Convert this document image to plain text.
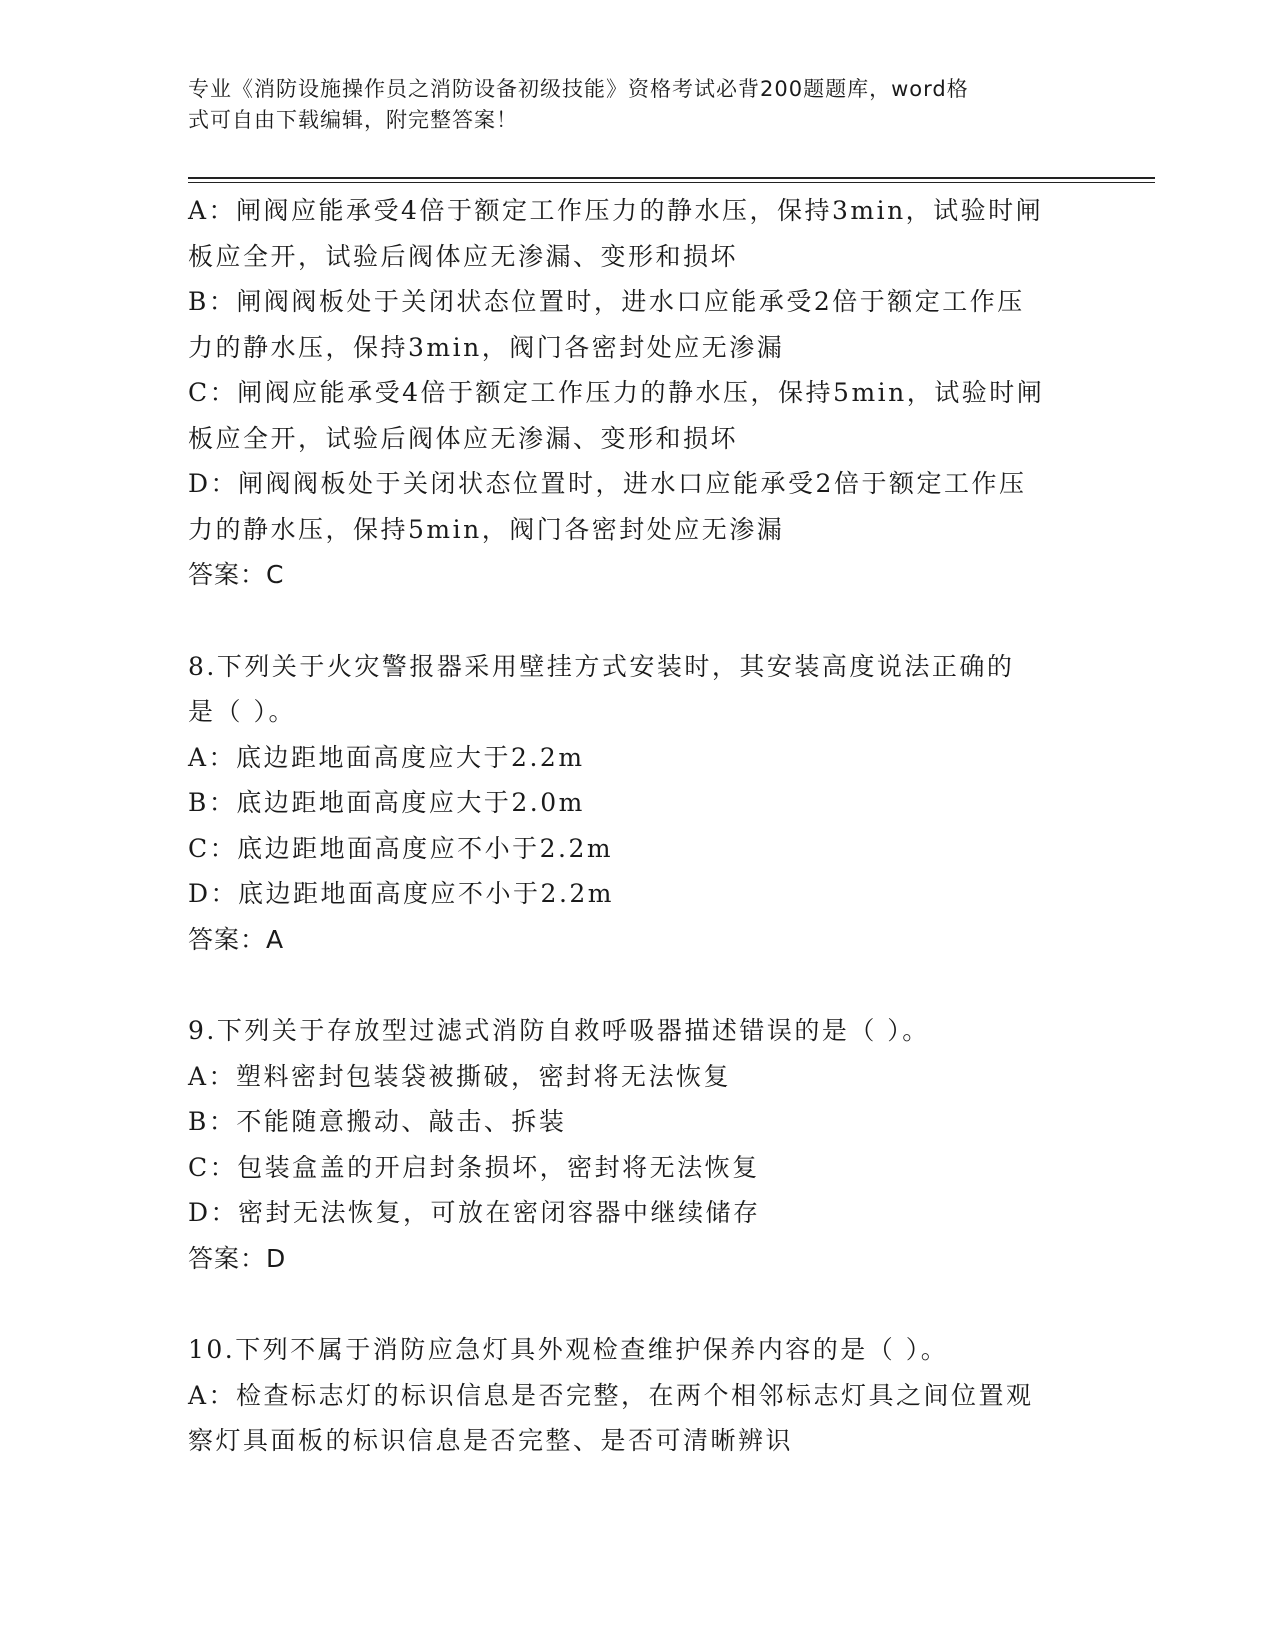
专业《消防设施操作员之消防设备初级技能》资格考试必背200题题库，word格
式可自由下载编辑，附完整答案！
A：闸阀应能承受4倍于额定工作压力的静水压，保持3min，试验时闸
板应全开，试验后阀体应无渗漏、变形和损坏
B：闸阀阀板处于关闭状态位置时，进水口应能承受2倍于额定工作压
力的静水压，保持3min，阀门各密封处应无渗漏
C：闸阀应能承受4倍于额定工作压力的静水压，保持5min，试验时闸
板应全开，试验后阀体应无渗漏、变形和损坏
D：闸阀阀板处于关闭状态位置时，进水口应能承受2倍于额定工作压
力的静水压，保持5min，阀门各密封处应无渗漏
答案：C
8.下列关于火灾警报器采用壁挂方式安装时，其安装高度说法正确的
是（ ）。
A：底边距地面高度应大于2.2m
B：底边距地面高度应大于2.0m
C：底边距地面高度应不小于2.2m
D：底边距地面高度应不小于2.2m
答案：A
9.下列关于存放型过滤式消防自救呼吸器描述错误的是（ ）。
A：塑料密封包装袋被撕破，密封将无法恢复
B：不能随意搬动、敲击、拆装
C：包装盒盖的开启封条损坏，密封将无法恢复
D：密封无法恢复，可放在密闭容器中继续储存
答案：D
10.下列不属于消防应急灯具外观检查维护保养内容的是（ ）。
A：检查标志灯的标识信息是否完整，在两个相邻标志灯具之间位置观
察灯具面板的标识信息是否完整、是否可清晰辨识
